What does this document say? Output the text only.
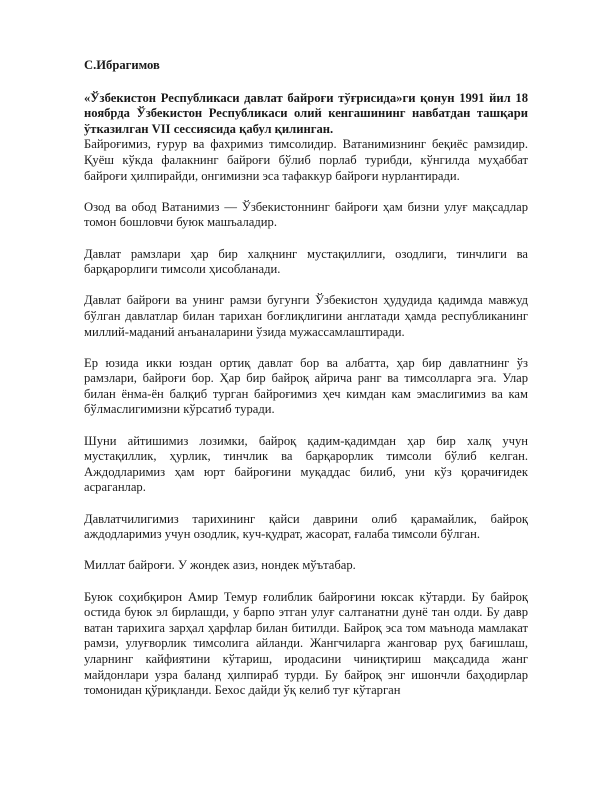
С.Ибрагимов

«Ўзбекистон Республикаси давлат байроғи тўғрисида»ги қонун 1991 йил 18 ноябрда Ўзбекистон Республикаси олий кенгашининг навбатдан ташқари ўтказилган VII сессиясида қабул қилинган.

Байроғимиз, ғурур ва фахримиз тимсолидир. Ватанимизнинг беқиёс рамзидир. Қуёш кўкда фалакнинг байроғи бўлиб порлаб турибди, кўнгилда муҳаббат байроғи ҳилпирайди, онгимизни эса тафаккур байроғи нурлантиради.

Озод ва обод Ватанимиз — Ўзбекистоннинг байроғи ҳам бизни улуғ мақсадлар томон бошловчи буюк машъаладир.

Давлат рамзлари ҳар бир халқнинг мустақиллиги, озодлиги, тинчлиги ва барқарорлиги тимсоли ҳисобланади.

Давлат байроғи ва унинг рамзи бугунги Ўзбекистон ҳудудида қадимда мавжуд бўлган давлатлар билан тарихан боғлиқлигини англатади ҳамда республиканинг миллий-маданий анъаналарини ўзида мужассамлаштиради.

Ер юзида икки юздан ортиқ давлат бор ва албатта, ҳар бир давлатнинг ўз рамзлари, байроғи бор. Ҳар бир байроқ айрича ранг ва тимсолларга эга. Улар билан ёнма-ён балқиб турган байроғимиз ҳеч кимдан кам эмаслигимиз ва кам бўлмаслигимизни кўрсатиб туради.

Шуни айтишимиз лозимки, байроқ қадим-қадимдан ҳар бир халқ учун мустақиллик, ҳурлик, тинчлик ва барқарорлик тимсоли бўлиб келган. Аждодларимиз ҳам юрт байроғини муқаддас билиб, уни кўз қорачиғидек асраганлар.

Давлатчилигимиз тарихининг қайси даврини олиб қарамайлик, байроқ аждодларимиз учун озодлик, куч-қудрат, жасорат, ғалаба тимсоли бўлган.

Миллат байроғи. У жондек азиз, нондек мўътабар.

Буюк соҳибқирон Амир Темур ғолиблик байроғини юксак кўтарди. Бу байроқ остида буюк эл бирлашди, у барпо этган улуғ салтанатни дунё тан олди. Бу давр ватан тарихига зарҳал ҳарфлар билан битилди. Байроқ эса том маънода мамлакат рамзи, улуғворлик тимсолига айланди. Жангчиларга жанговар руҳ бағишлаш, уларнинг кайфиятини кўтариш, иродасини чиниқтириш мақсадида жанг майдонлари узра баланд ҳилпираб турди. Бу байроқ энг ишончли баҳодирлар томонидан қўриқланди. Бехос дайди ўқ келиб туғ кўтарган
